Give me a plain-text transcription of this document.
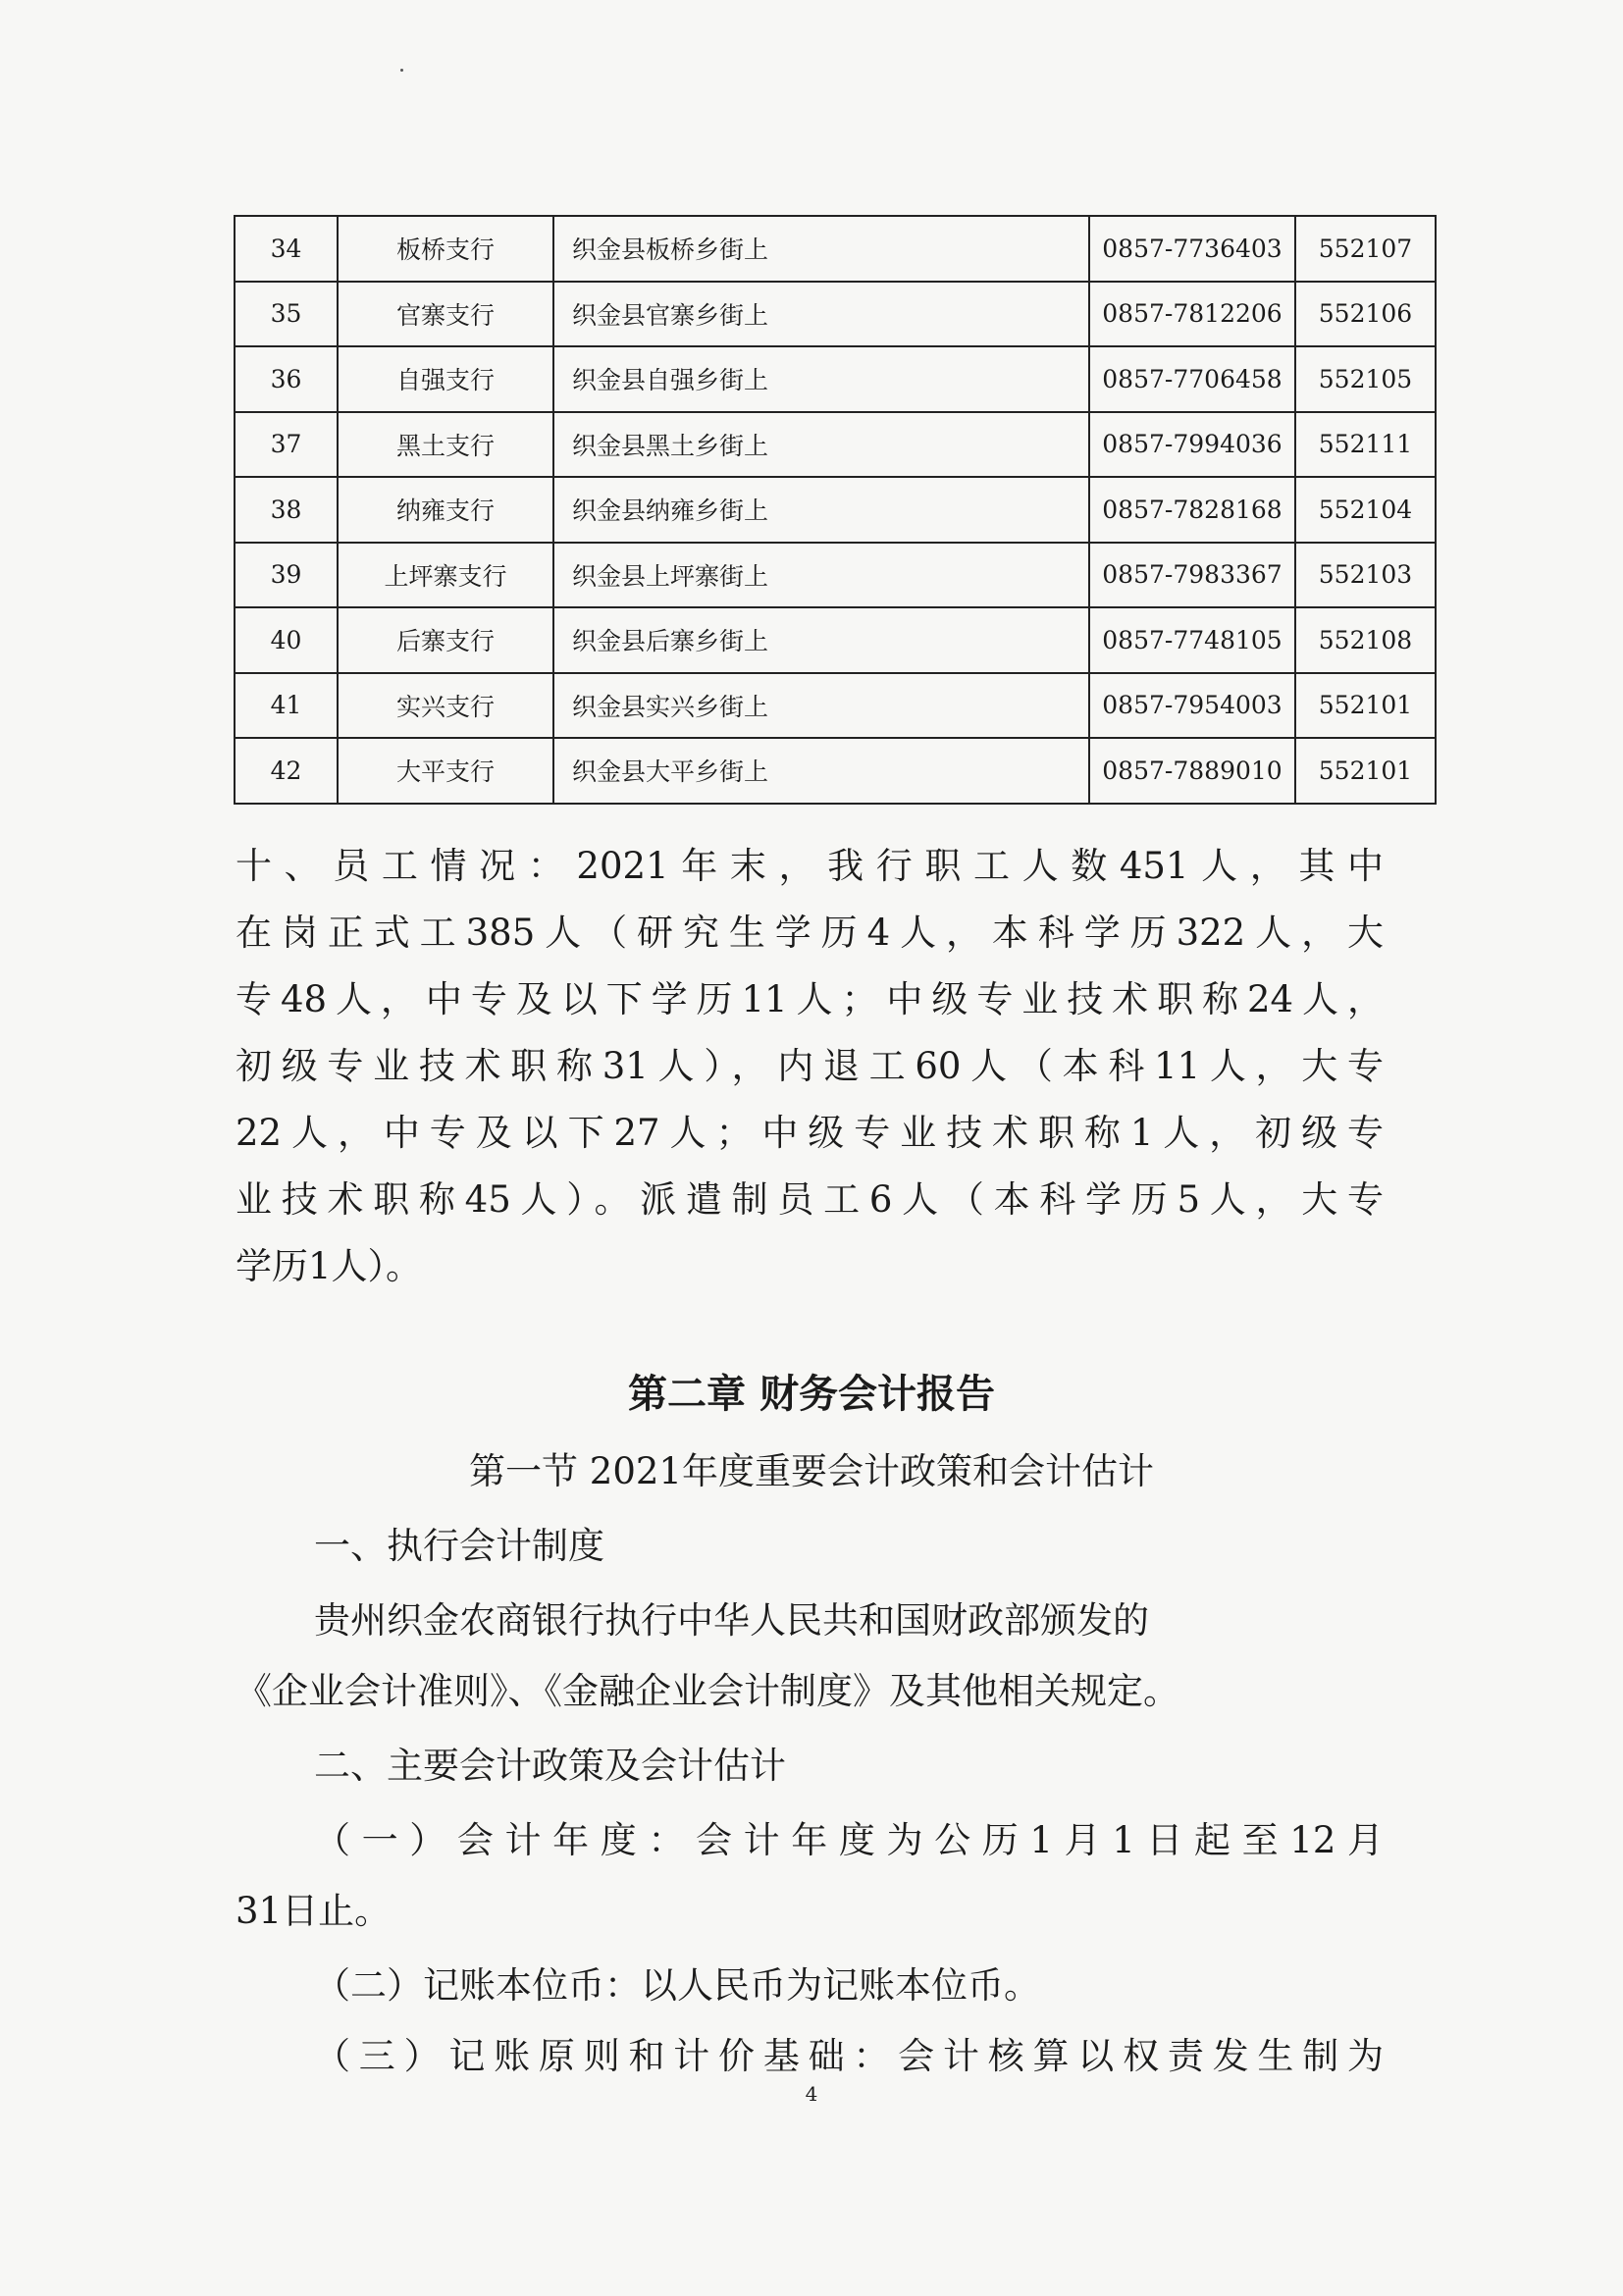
34	板桥支行	织金县板桥乡街上	0857-7736403	552107
35	官寨支行	织金县官寨乡街上	0857-7812206	552106
36	自强支行	织金县自强乡街上	0857-7706458	552105
37	黑土支行	织金县黑土乡街上	0857-7994036	552111
38	纳雍支行	织金县纳雍乡街上	0857-7828168	552104
39	上坪寨支行	织金县上坪寨街上	0857-7983367	552103
40	后寨支行	织金县后寨乡街上	0857-7748105	552108
41	实兴支行	织金县实兴乡街上	0857-7954003	552101
42	大平支行	织金县大平乡街上	0857-7889010	552101
十、员工情况：2021年末，我行职工人数451人，其中
在岗正式工385人（研究生学历4人，本科学历322人，大
专48人，中专及以下学历11人；中级专业技术职称24人，
初级专业技术职称31人），内退工60人（本科11人，大专
22人，中专及以下27人；中级专业技术职称1人，初级专
业技术职称45人）。派遣制员工6人（本科学历5人，大专
学历1人）。
第二章 财务会计报告
第一节 2021年度重要会计政策和会计估计
一、执行会计制度
贵州织金农商银行执行中华人民共和国财政部颁发的
《企业会计准则》、《金融企业会计制度》及其他相关规定。
二、主要会计政策及会计估计
（一）会计年度：会计年度为公历1月1日起至12月
31日止。
（二）记账本位币：以人民币为记账本位币。
（三）记账原则和计价基础：会计核算以权责发生制为
4
